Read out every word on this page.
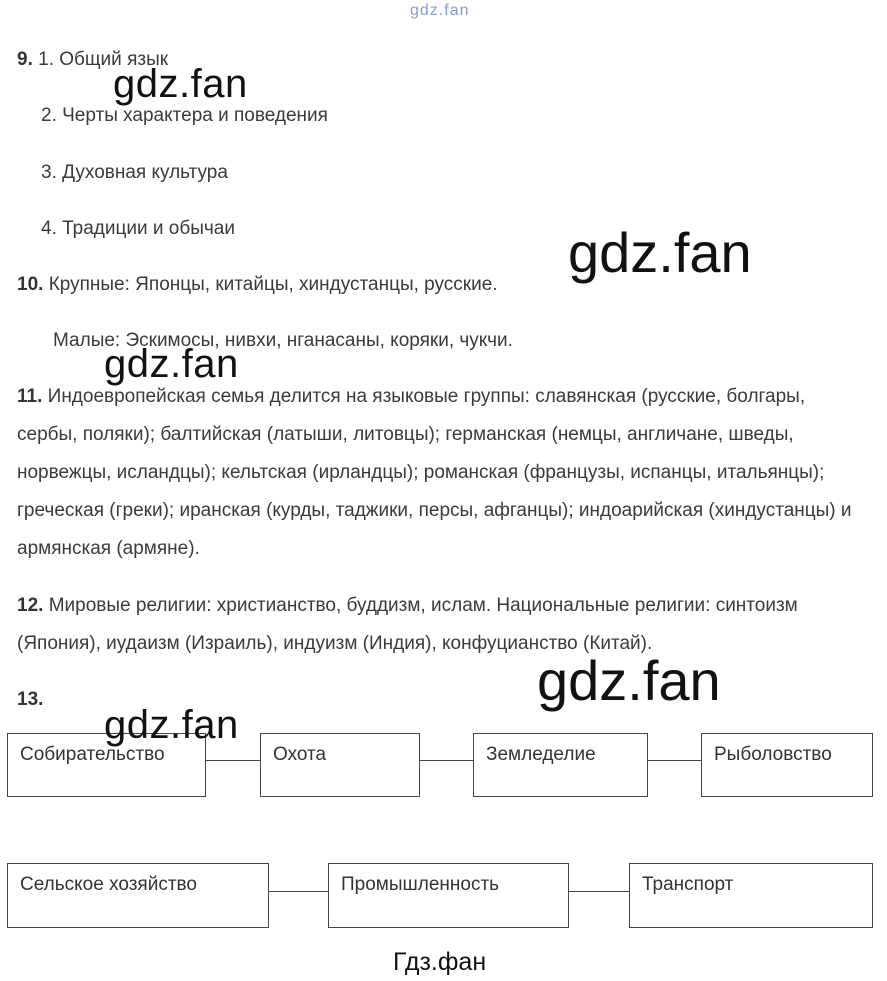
gdz.fan
9. 1. Общий язык
2. Черты характера и поведения
3. Духовная культура
4. Традиции и обычаи
10. Крупные: Японцы, китайцы, хиндустанцы, русские.
Малые: Эскимосы, нивхи, нганасаны, коряки, чукчи.
11. Индоевропейская семья делится на языковые группы: славянская (русские, болгары, сербы, поляки); балтийская (латыши, литовцы); германская (немцы, англичане, шведы, норвежцы, исландцы); кельтская (ирландцы); романская (французы, испанцы, итальянцы); греческая (греки); иранская (курды, таджики, персы, афганцы); индоарийская (хиндустанцы) и армянская (армяне).
12. Мировые религии: христианство, буддизм, ислам. Национальные религии: синтоизм (Япония), иудаизм (Израиль), индуизм (Индия), конфуцианство (Китай).
13.
Собирательство	Охота	Земледелие	Рыболовство
Сельское хозяйство	Промышленность	Транспорт
gdz.fan
gdz.fan
gdz.fan
gdz.fan
gdz.fan
Гдз.фан
